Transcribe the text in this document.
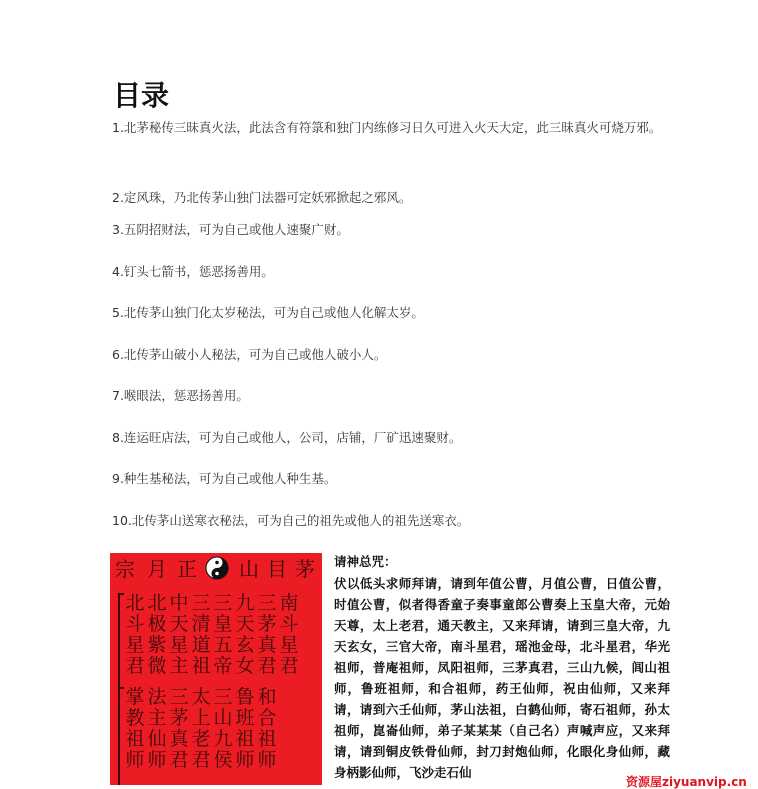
目录
1.北茅秘传三昧真火法，此法含有符箓和独门内练修习日久可进入火天大定，此三昧真火可烧万邪。
2.定风珠，乃北传茅山独门法器可定妖邪掀起之邪风。
3.五阴招财法，可为自己或他人速聚广财。
4.钉头七箭书，惩恶扬善用。
5.北传茅山独门化太岁秘法，可为自己或他人化解太岁。
6.北传茅山破小人秘法，可为自己或他人破小人。
7.喉眼法，惩恶扬善用。
8.连运旺店法，可为自己或他人，公司，店铺，厂矿迅速聚财。
9.种生基秘法，可为自己或他人种生基。
10.北传茅山送寒衣秘法，可为自己的祖先或他人的祖先送寒衣。
宗 月 正 山 目 茅
北斗星君
北极紫微
中天星主
三清道祖
三皇五帝
九天玄女
三茅真君
南斗星君
掌教祖师
法主仙师
三茅真君
太上老君
三山九侯
鲁班祖师
和合祖师
请神总咒：
伏以低头求师拜请，请到年值公曹，月值公曹，日值公曹，时值公曹，似者得香童子奏事童郎公曹奏上玉皇大帝，元始天尊，太上老君，通天教主，又来拜请，请到三皇大帝，九天玄女，三官大帝，南斗星君，瑶池金母，北斗星君，华光祖师，普庵祖师，凤阳祖师，三茅真君，三山九候，闾山祖师，鲁班祖师，和合祖师，药王仙师，祝由仙师，又来拜请，请到六壬仙师，茅山法祖，白鹤仙师，寄石祖师，孙太祖师，崑崙仙师，弟子某某某（自己名）声喊声应，又来拜请，请到铜皮铁骨仙师，封刀封炮仙师，化眼化身仙师，藏身柄影仙师，飞沙走石仙
资源屋ziyuanvip.cn
